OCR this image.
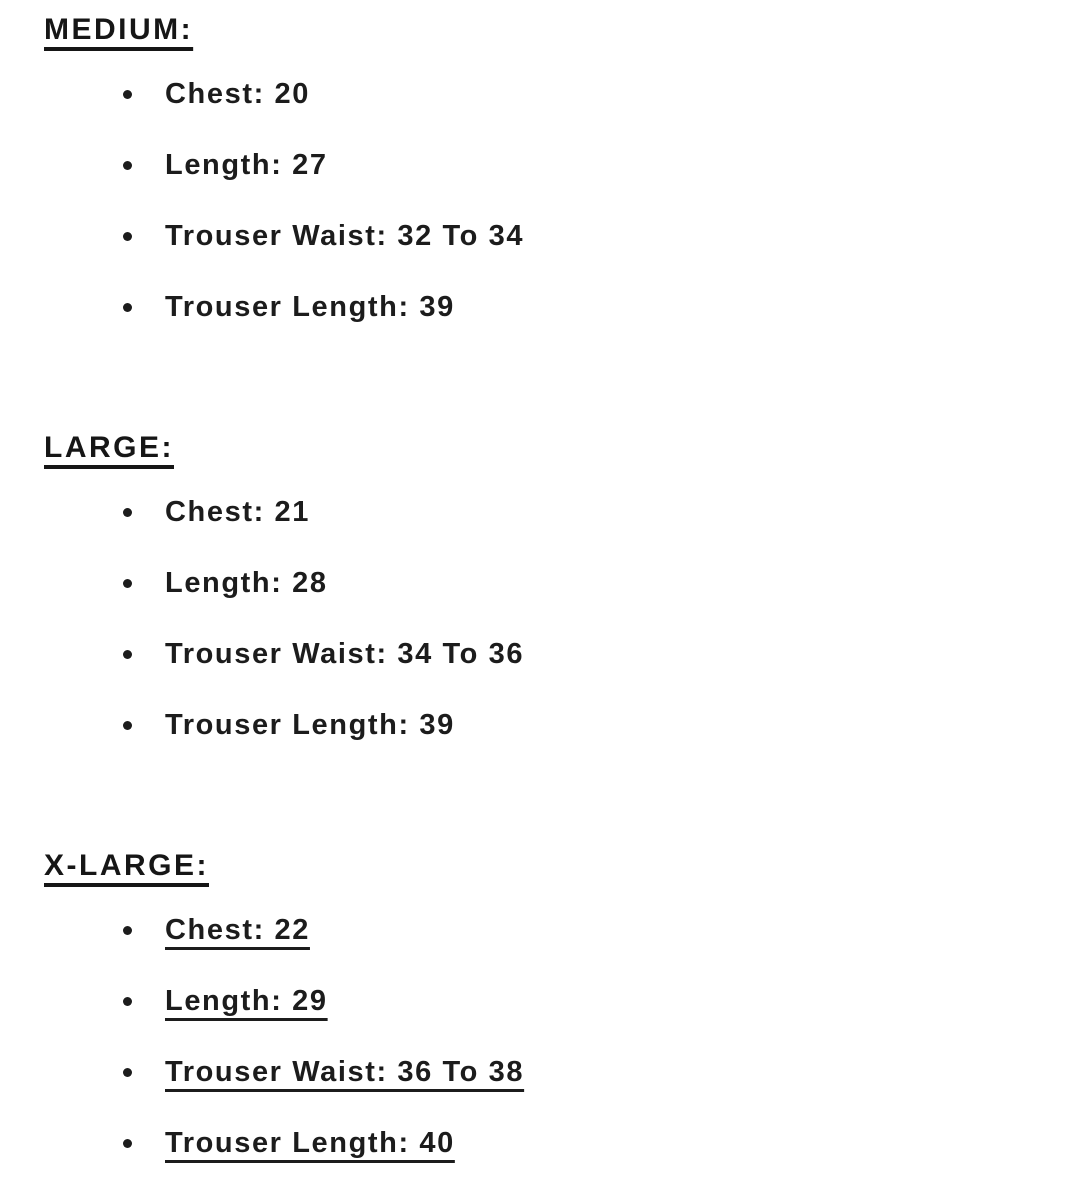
MEDIUM:
Chest: 20
Length: 27
Trouser Waist: 32 To 34
Trouser Length: 39
LARGE:
Chest: 21
Length: 28
Trouser Waist: 34 To 36
Trouser Length: 39
X-LARGE:
Chest: 22
Length: 29
Trouser Waist: 36 To 38
Trouser Length: 40
